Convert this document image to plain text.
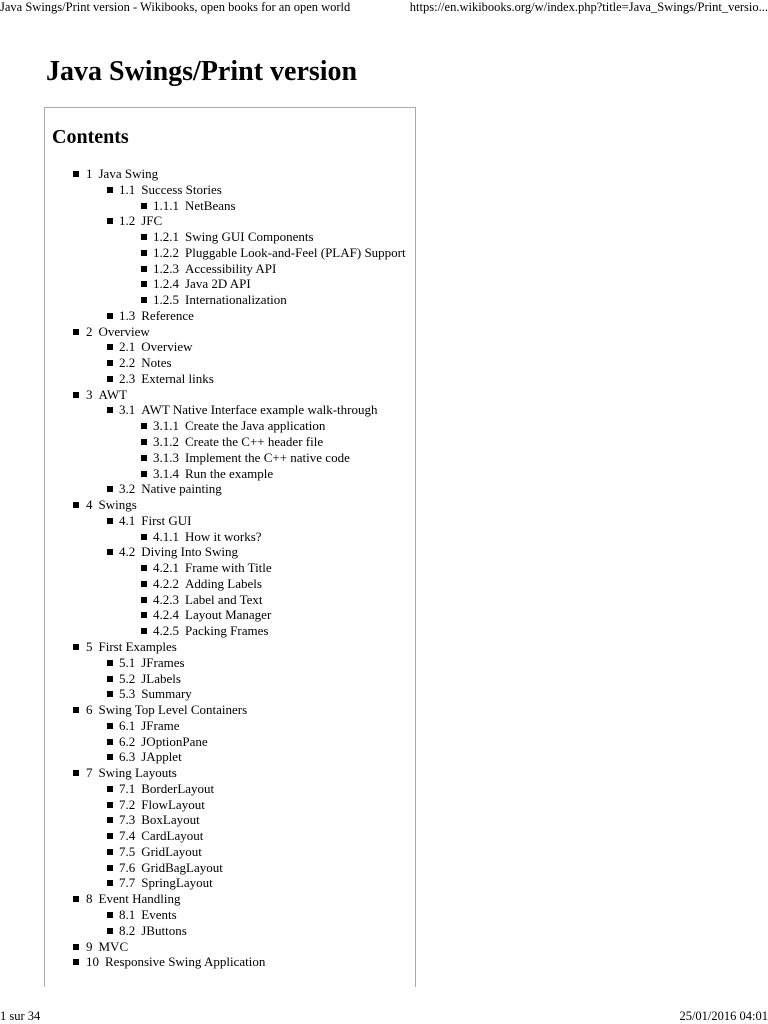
Java Swings/Print version - Wikibooks, open books for an open world	https://en.wikibooks.org/w/index.php?title=Java_Swings/Print_versio...
Java Swings/Print version
Contents
1 Java Swing
1.1 Success Stories
1.1.1 NetBeans
1.2 JFC
1.2.1 Swing GUI Components
1.2.2 Pluggable Look-and-Feel (PLAF) Support
1.2.3 Accessibility API
1.2.4 Java 2D API
1.2.5 Internationalization
1.3 Reference
2 Overview
2.1 Overview
2.2 Notes
2.3 External links
3 AWT
3.1 AWT Native Interface example walk-through
3.1.1 Create the Java application
3.1.2 Create the C++ header file
3.1.3 Implement the C++ native code
3.1.4 Run the example
3.2 Native painting
4 Swings
4.1 First GUI
4.1.1 How it works?
4.2 Diving Into Swing
4.2.1 Frame with Title
4.2.2 Adding Labels
4.2.3 Label and Text
4.2.4 Layout Manager
4.2.5 Packing Frames
5 First Examples
5.1 JFrames
5.2 JLabels
5.3 Summary
6 Swing Top Level Containers
6.1 JFrame
6.2 JOptionPane
6.3 JApplet
7 Swing Layouts
7.1 BorderLayout
7.2 FlowLayout
7.3 BoxLayout
7.4 CardLayout
7.5 GridLayout
7.6 GridBagLayout
7.7 SpringLayout
8 Event Handling
8.1 Events
8.2 JButtons
9 MVC
10 Responsive Swing Application
1 sur 34	25/01/2016 04:01
